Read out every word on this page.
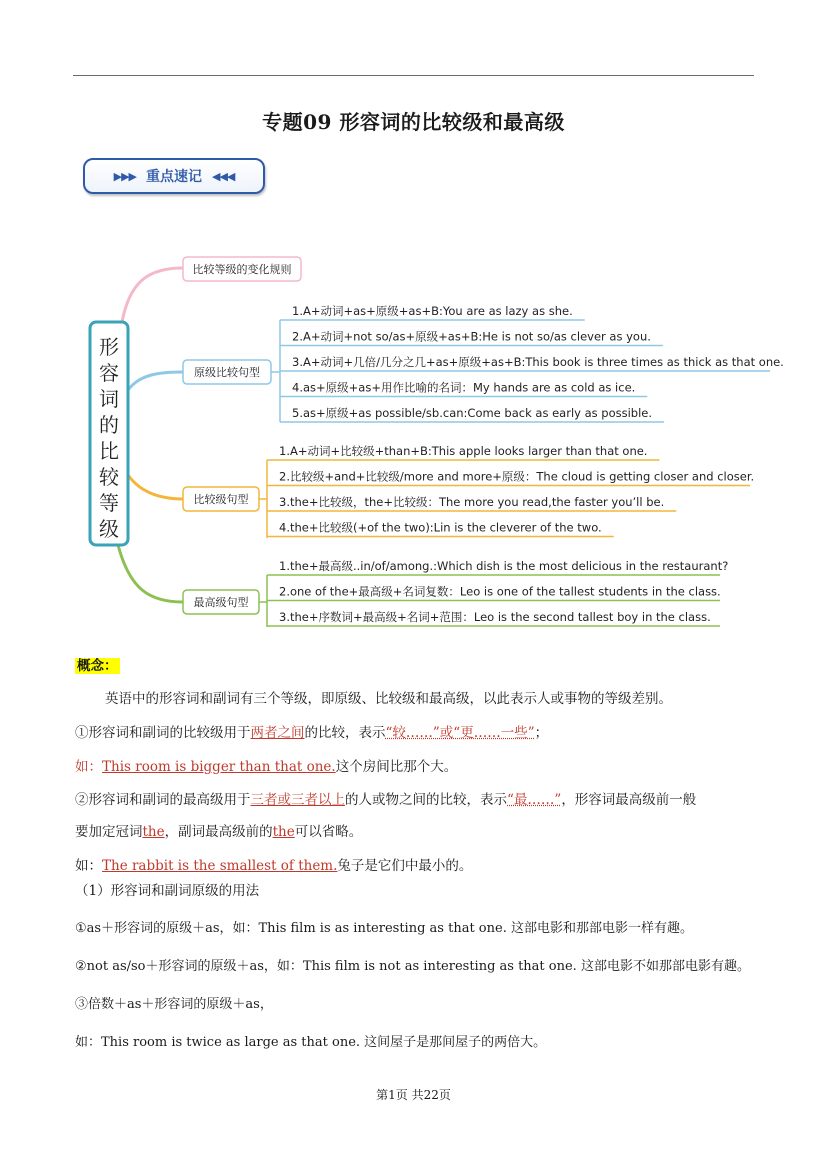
专题09 形容词的比较级和最高级
▶▶▶ 重点速记 ◀◀◀
形
容
词
的
比
较
等
级
比较等级的变化规则
原级比较句型
1.A+动词+as+原级+as+B:You are as lazy as she.
2.A+动词+not so/as+原级+as+B:He is not so/as clever as you.
3.A+动词+几倍/几分之几+as+原级+as+B:This book is three times as thick as that one.
4.as+原级+as+用作比喻的名词：My hands are as cold as ice.
5.as+原级+as possible/sb.can:Come back as early as possible.
比较级句型
1.A+动词+比较级+than+B:This apple looks larger than that one.
2.比较级+and+比较级/more and more+原级：The cloud is getting closer and closer.
3.the+比较级，the+比较级：The more you read,the faster you’ll be.
4.the+比较级(+of the two):Lin is the cleverer of the two.
最高级句型
1.the+最高级..in/of/among.:Which dish is the most delicious in the restaurant?
2.one of the+最高级+名词复数：Leo is one of the tallest students in the class.
3.the+序数词+最高级+名词+范围：Leo is the second tallest boy in the class.
概念：
英语中的形容词和副词有三个等级，即原级、比较级和最高级，以此表示人或事物的等级差别。
①形容词和副词的比较级用于两者之间的比较，表示“较……”或“更……一些”；
如：This room is bigger than that one.这个房间比那个大。
②形容词和副词的最高级用于三者或三者以上的人或物之间的比较，表示“最……”，形容词最高级前一般
要加定冠词the，副词最高级前的the可以省略。
如：The rabbit is the smallest of them.兔子是它们中最小的。
（1）形容词和副词原级的用法
①as＋形容词的原级＋as，如：This film is as interesting as that one. 这部电影和那部电影一样有趣。
②not as/so＋形容词的原级＋as，如：This film is not as interesting as that one. 这部电影不如那部电影有趣。
③倍数＋as＋形容词的原级＋as，
如：This room is twice as large as that one. 这间屋子是那间屋子的两倍大。
第1页 共22页
